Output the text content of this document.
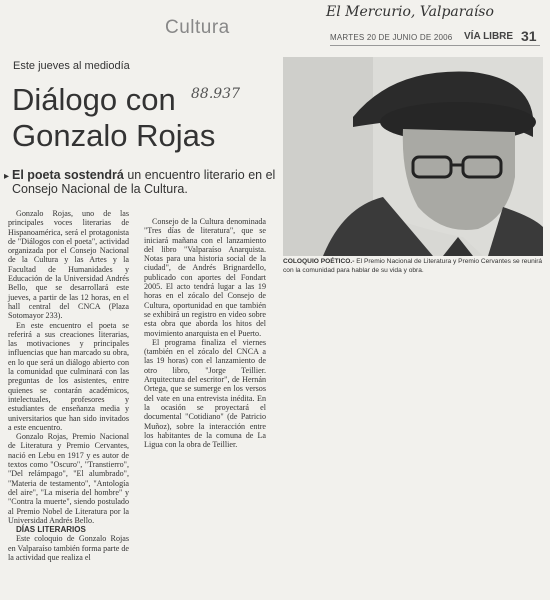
Cultura
El Mercurio, Valparaíso
MARTES 20 DE JUNIO DE 2006 VÍA LIBRE 31
Este jueves al mediodía
Diálogo con Gonzalo Rojas
88.937
▸ El poeta sostendrá un encuentro literario en el Consejo Nacional de la Cultura.
COLOQUIO POÉTICO.- El Premio Nacional de Literatura y Premio Cervantes se reunirá con la comunidad para hablar de su vida y obra.

Gonzalo Rojas, uno de las principales voces literarias de Hispanoamérica, será el protagonista de "Diálogos con el poeta", actividad organizada por el Consejo Nacional de la Cultura y las Artes y la Facultad de Humanidades y Educación de la Universidad Andrés Bello, que se desarrollará este jueves, a partir de las 12 horas, en el hall central del CNCA (Plaza Sotomayor 233).

En este encuentro el poeta se referirá a sus creaciones literarias, las motivaciones y principales influencias que han marcado su obra, en lo que será un diálogo abierto con la comunidad que culminará con las preguntas de los asistentes, entre quienes se contarán académicos, intelectuales, profesores y estudiantes de enseñanza media y universitarios que han sido invitados a este encuentro.

Gonzalo Rojas, Premio Nacional de Literatura y Premio Cervantes, nació en Lebu en 1917 y es autor de textos como "Oscuro", "Transtierro", "Del relámpago", "El alumbrado", "Materia de testamento", "Antología del aire", "La miseria del hombre" y "Contra la muerte", siendo postulado al Premio Nobel de Literatura por la Universidad Andrés Bello.

DÍAS LITERARIOS

Este coloquio de Gonzalo Rojas en Valparaíso también forma parte de la actividad que realiza el

Consejo de la Cultura denominada "Tres días de literatura", que se iniciará mañana con el lanzamiento del libro "Valparaíso Anarquista. Notas para una historia social de la ciudad", de Andrés Brignardello, publicado con aportes del Fondart 2005. El acto tendrá lugar a las 19 horas en el zócalo del Consejo de Cultura, oportunidad en que también se exhibirá un registro en video sobre esta obra que aborda los hitos del movimiento anarquista en el Puerto.

El programa finaliza el viernes (también en el zócalo del CNCA a las 19 horas) con el lanzamiento de otro libro, "Jorge Teillier. Arquitectura del escritor", de Hernán Ortega, que se sumerge en los versos del vate en una entrevista inédita. En la ocasión se proyectará el documental "Cotidiano" (de Patricio Muñoz), sobre la interacción entre los habitantes de la comuna de La Ligua con la obra de Teillier.
